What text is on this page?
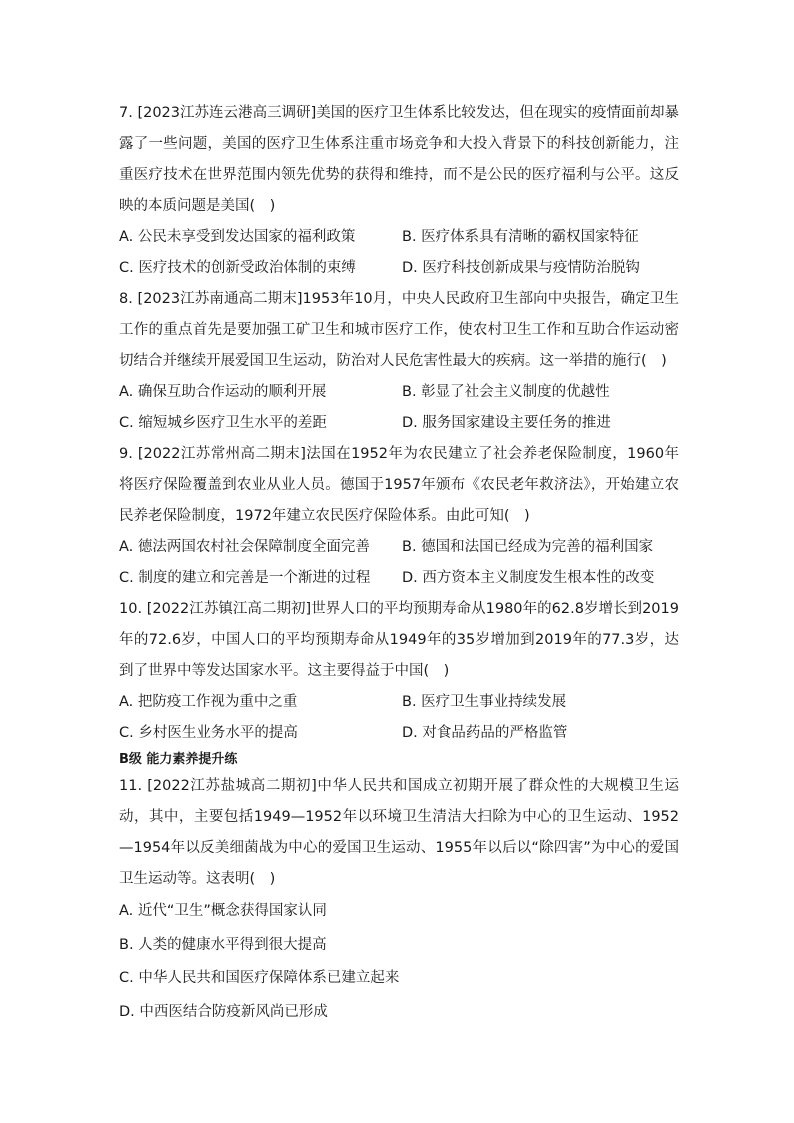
7. [2023江苏连云港高三调研]美国的医疗卫生体系比较发达，但在现实的疫情面前却暴露了一些问题，美国的医疗卫生体系注重市场竞争和大投入背景下的科技创新能力，注重医疗技术在世界范围内领先优势的获得和维持，而不是公民的医疗福利与公平。这反映的本质问题是美国(　)

A. 公民未享受到发达国家的福利政策	B. 医疗体系具有清晰的霸权国家特征
C. 医疗技术的创新受政治体制的束缚	D. 医疗科技创新成果与疫情防治脱钩

8. [2023江苏南通高二期末]1953年10月，中央人民政府卫生部向中央报告，确定卫生工作的重点首先是要加强工矿卫生和城市医疗工作，使农村卫生工作和互助合作运动密切结合并继续开展爱国卫生运动，防治对人民危害性最大的疾病。这一举措的施行(　)

A. 确保互助合作运动的顺利开展	B. 彰显了社会主义制度的优越性
C. 缩短城乡医疗卫生水平的差距	D. 服务国家建设主要任务的推进

9. [2022江苏常州高二期末]法国在1952年为农民建立了社会养老保险制度，1960年将医疗保险覆盖到农业从业人员。德国于1957年颁布《农民老年救济法》，开始建立农民养老保险制度，1972年建立农民医疗保险体系。由此可知(　)

A. 德法两国农村社会保障制度全面完善	B. 德国和法国已经成为完善的福利国家
C. 制度的建立和完善是一个渐进的过程	D. 西方资本主义制度发生根本性的改变

10. [2022江苏镇江高二期初]世界人口的平均预期寿命从1980年的62.8岁增长到2019年的72.6岁，中国人口的平均预期寿命从1949年的35岁增加到2019年的77.3岁，达到了世界中等发达国家水平。这主要得益于中国(　)

A. 把防疫工作视为重中之重	B. 医疗卫生事业持续发展
C. 乡村医生业务水平的提高	D. 对食品药品的严格监管

B级 能力素养提升练

11. [2022江苏盐城高二期初]中华人民共和国成立初期开展了群众性的大规模卫生运动，其中，主要包括1949—1952年以环境卫生清洁大扫除为中心的卫生运动、1952—1954年以反美细菌战为中心的爱国卫生运动、1955年以后以“除四害”为中心的爱国卫生运动等。这表明(　)

A. 近代“卫生”概念获得国家认同
B. 人类的健康水平得到很大提高
C. 中华人民共和国医疗保障体系已建立起来
D. 中西医结合防疫新风尚已形成
